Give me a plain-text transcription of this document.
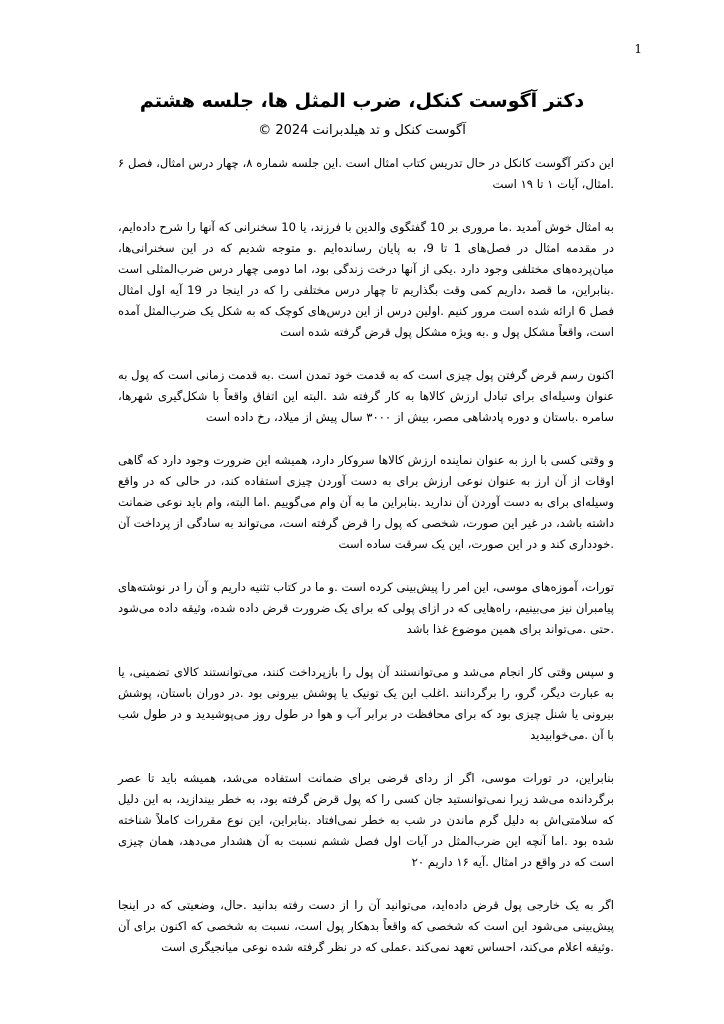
1
دکتر آگوست کنکل، ضرب المثل ها، جلسه هشتم
آگوست کنکل و تد هیلدبرانت 2024 ©

این دکتر آگوست کانکل در حال تدریس کتاب امثال است .این جلسه شماره ۸، چهار درس امثال، فصل ۶ .امثال، آیات ۱ تا ۱۹ است

به امثال خوش آمدید .ما مروری بر 10 گفتگوی والدین با فرزند، یا 10 سخنرانی که آنها را شرح داده‌ایم، در مقدمه امثال در فصل‌های 1 تا 9، به پایان رسانده‌ایم .و متوجه شدیم که در این سخنرانی‌ها، میان‌پرده‌های مختلفی وجود دارد .یکی از آنها درخت زندگی بود، اما دومی چهار درس ضرب‌المثلی است .بنابراین، ما قصد ،داریم کمی وقت بگذاریم تا چهار درس مختلفی را که در اینجا در 19 آیه اول امثال فصل 6 ارائه شده است مرور کنیم .اولین درس از این درس‌های کوچک که به شکل یک ضرب‌المثل آمده است، واقعاً مشکل پول و .به ویژه مشکل پول قرض گرفته شده است

اکنون رسم قرض گرفتن پول چیزی است که به قدمت خود تمدن است .به قدمت زمانی است که پول به عنوان وسیله‌ای برای تبادل ارزش کالاها به کار گرفته شد .البته این اتفاق واقعاً با شکل‌گیری شهرها، سامره .باستان و دوره پادشاهی مصر، بیش از ۳۰۰۰ سال پیش از میلاد، رخ داده است

و وقتی کسی با ارز به عنوان نماینده ارزش کالاها سروکار دارد، همیشه این ضرورت وجود دارد که گاهی اوقات از آن ارز به عنوان نوعی ارزش برای به دست آوردن چیزی استفاده کند، در حالی که در واقع وسیله‌ای برای به دست آوردن آن ندارید .بنابراین ما به آن وام می‌گوییم .اما البته، وام باید نوعی ضمانت داشته باشد، در غیر این صورت، شخصی که پول را قرض گرفته است، می‌تواند به سادگی از پرداخت آن .خودداری کند و در این صورت، این یک سرقت ساده است

تورات، آموزه‌های موسی، این امر را پیش‌بینی کرده است .و ما در کتاب تثنیه داریم و آن را در نوشته‌های پیامبران نیز می‌بینیم، راه‌هایی که در ازای پولی که برای یک ضرورت قرض داده شده، وثیقه داده می‌شود .حتی .می‌تواند برای همین موضوع غذا باشد

و سپس وقتی کار انجام می‌شد و می‌توانستند آن پول را بازپرداخت کنند، می‌توانستند کالای تضمینی، یا به عبارت دیگر، گرو، را برگردانند .اغلب این یک تونیک یا پوشش بیرونی بود .در دوران باستان، پوشش بیرونی یا شنل چیزی بود که برای محافظت در برابر آب و هوا در طول روز می‌پوشیدید و در طول شب با آن .می‌خوابیدید

بنابراین، در تورات موسی، اگر از ردای قرضی برای ضمانت استفاده می‌شد، همیشه باید تا عصر برگردانده می‌شد زیرا نمی‌توانستید جان کسی را که پول قرض گرفته بود، به خطر بیندازید، به این دلیل که سلامتی‌اش به دلیل گرم ماندن در شب به خطر نمی‌افتاد .بنابراین، این نوع مقررات کاملاً شناخته شده بود .اما آنچه این ضرب‌المثل در آیات اول فصل ششم نسبت به آن هشدار می‌دهد، همان چیزی است که در واقع در امثال .آیه ۱۶ داریم ۲۰

اگر به یک خارجی پول قرض داده‌اید، می‌توانید آن را از دست رفته بدانید .حال، وضعیتی که در اینجا پیش‌بینی می‌شود این است که شخصی که واقعاً بدهکار پول است، نسبت به شخصی که اکنون برای آن .وثیقه اعلام می‌کند، احساس تعهد نمی‌کند .عملی که در نظر گرفته شده نوعی میانجیگری است
